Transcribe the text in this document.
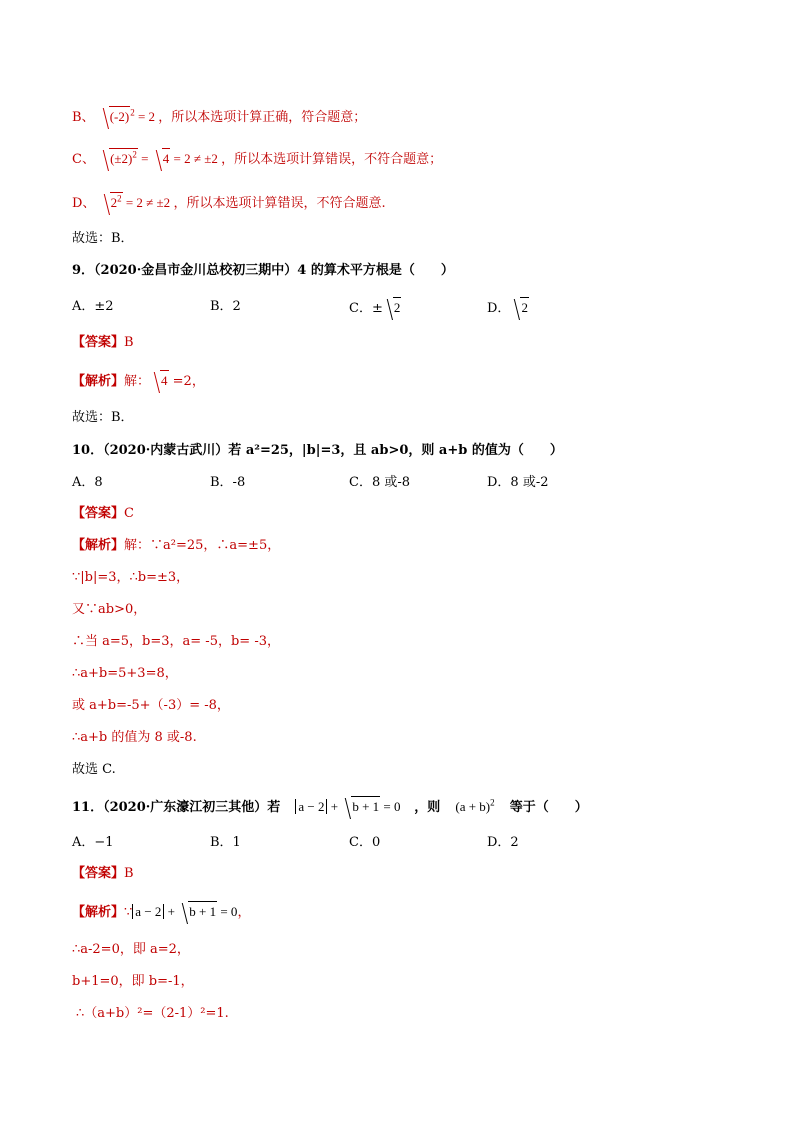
B、 $(-2)^2 = 2$ ，所以本选项计算正确，符合题意；
C、 $(\pm 2)^2 = 4 = 2 \ne \pm 2$ ，所以本选项计算错误，不符合题意；
D、 $2^2 = 2 \ne \pm 2$ ，所以本选项计算错误，不符合题意.
故选：B．
9．（2020·金昌市金川总校初三期中）4 的算术平方根是（　　）
A．±2	B．2	C．± 2	D． 2
【答案】B
【解析】解： 4 =2，
故选：B．
10．（2020·内蒙古武川）若 a²=25，|b|=3，且 ab>0，则 a+b 的值为（　　）
A．8	B．-8	C．8 或-8	D．8 或-2
【答案】C
【解析】解：∵a²=25，∴a=±5，
∵|b|=3，∴b=±3，
又∵ab>0，
∴当 a=5，b=3，a= -5，b= -3，
∴a+b=5+3=8，
或 a+b=-5+（-3）= -8，
∴a+b 的值为 8 或-8.
故选 C.
11．（2020·广东濠江初三其他）若 a − 2 + b + 1 = 0  ，则 $(a + b)^2$ 等于（　　）
A．−1	B．1	C．0	D．2
【答案】B
【解析】∵ a − 2 + b + 1 = 0，
∴a-2=0，即 a=2，
b+1=0，即 b=-1，
∴（a+b）²=（2-1）²=1.
